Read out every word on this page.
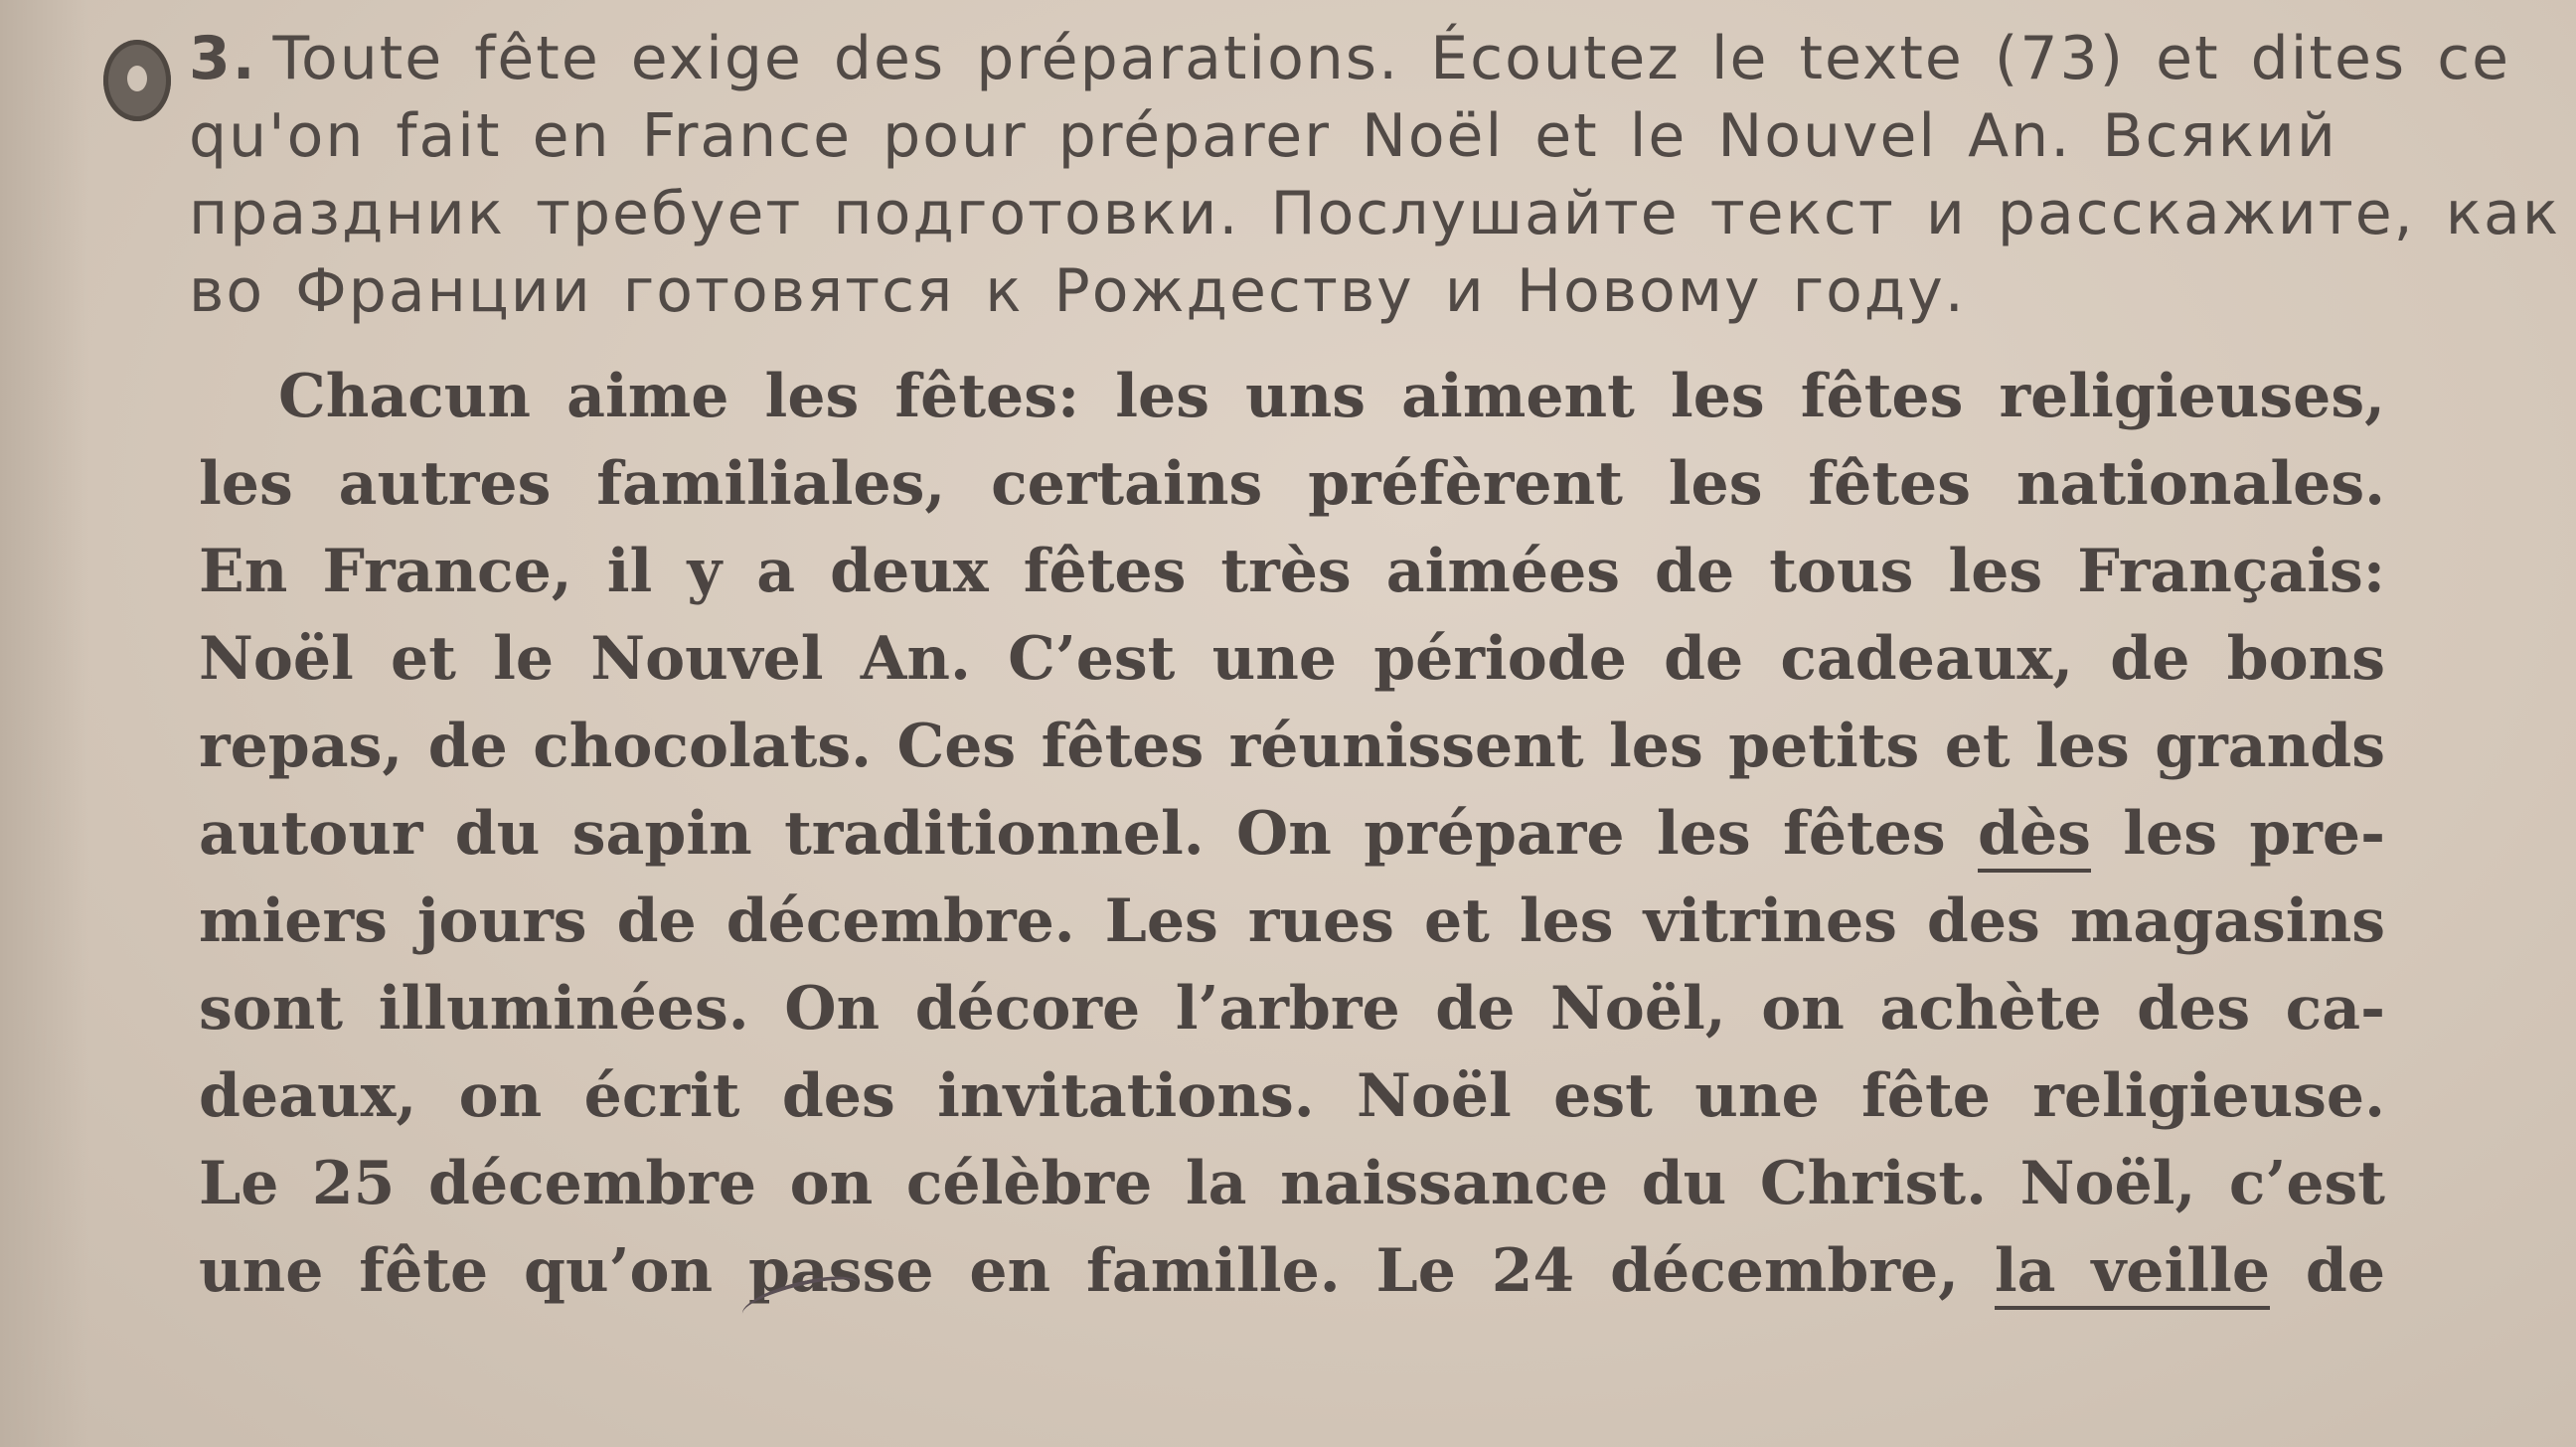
3. Toute fête exige des préparations. Écoutez le texte (73) et dites ce
qu'on fait en France pour préparer Noël et le Nouvel An. Всякий
праздник требует подготовки. Послушайте текст и расскажите, как
во Франции готовятся к Рождеству и Новому году.
Chacun aime les fêtes: les uns aiment les fêtes religieuses,
les autres familiales, certains préfèrent les fêtes nationales.
En France, il y a deux fêtes très aimées de tous les Français:
Noël et le Nouvel An. C’est une période de cadeaux, de bons
repas, de chocolats. Ces fêtes réunissent les petits et les grands
autour du sapin traditionnel. On prépare les fêtes dès les pre-
miers jours de décembre. Les rues et les vitrines des magasins
sont illuminées. On décore l’arbre de Noël, on achète des ca-
deaux, on écrit des invitations. Noël est une fête religieuse.
Le 25 décembre on célèbre la naissance du Christ. Noël, c’est
une fête qu’on passe en famille. Le 24 décembre, la veille de
